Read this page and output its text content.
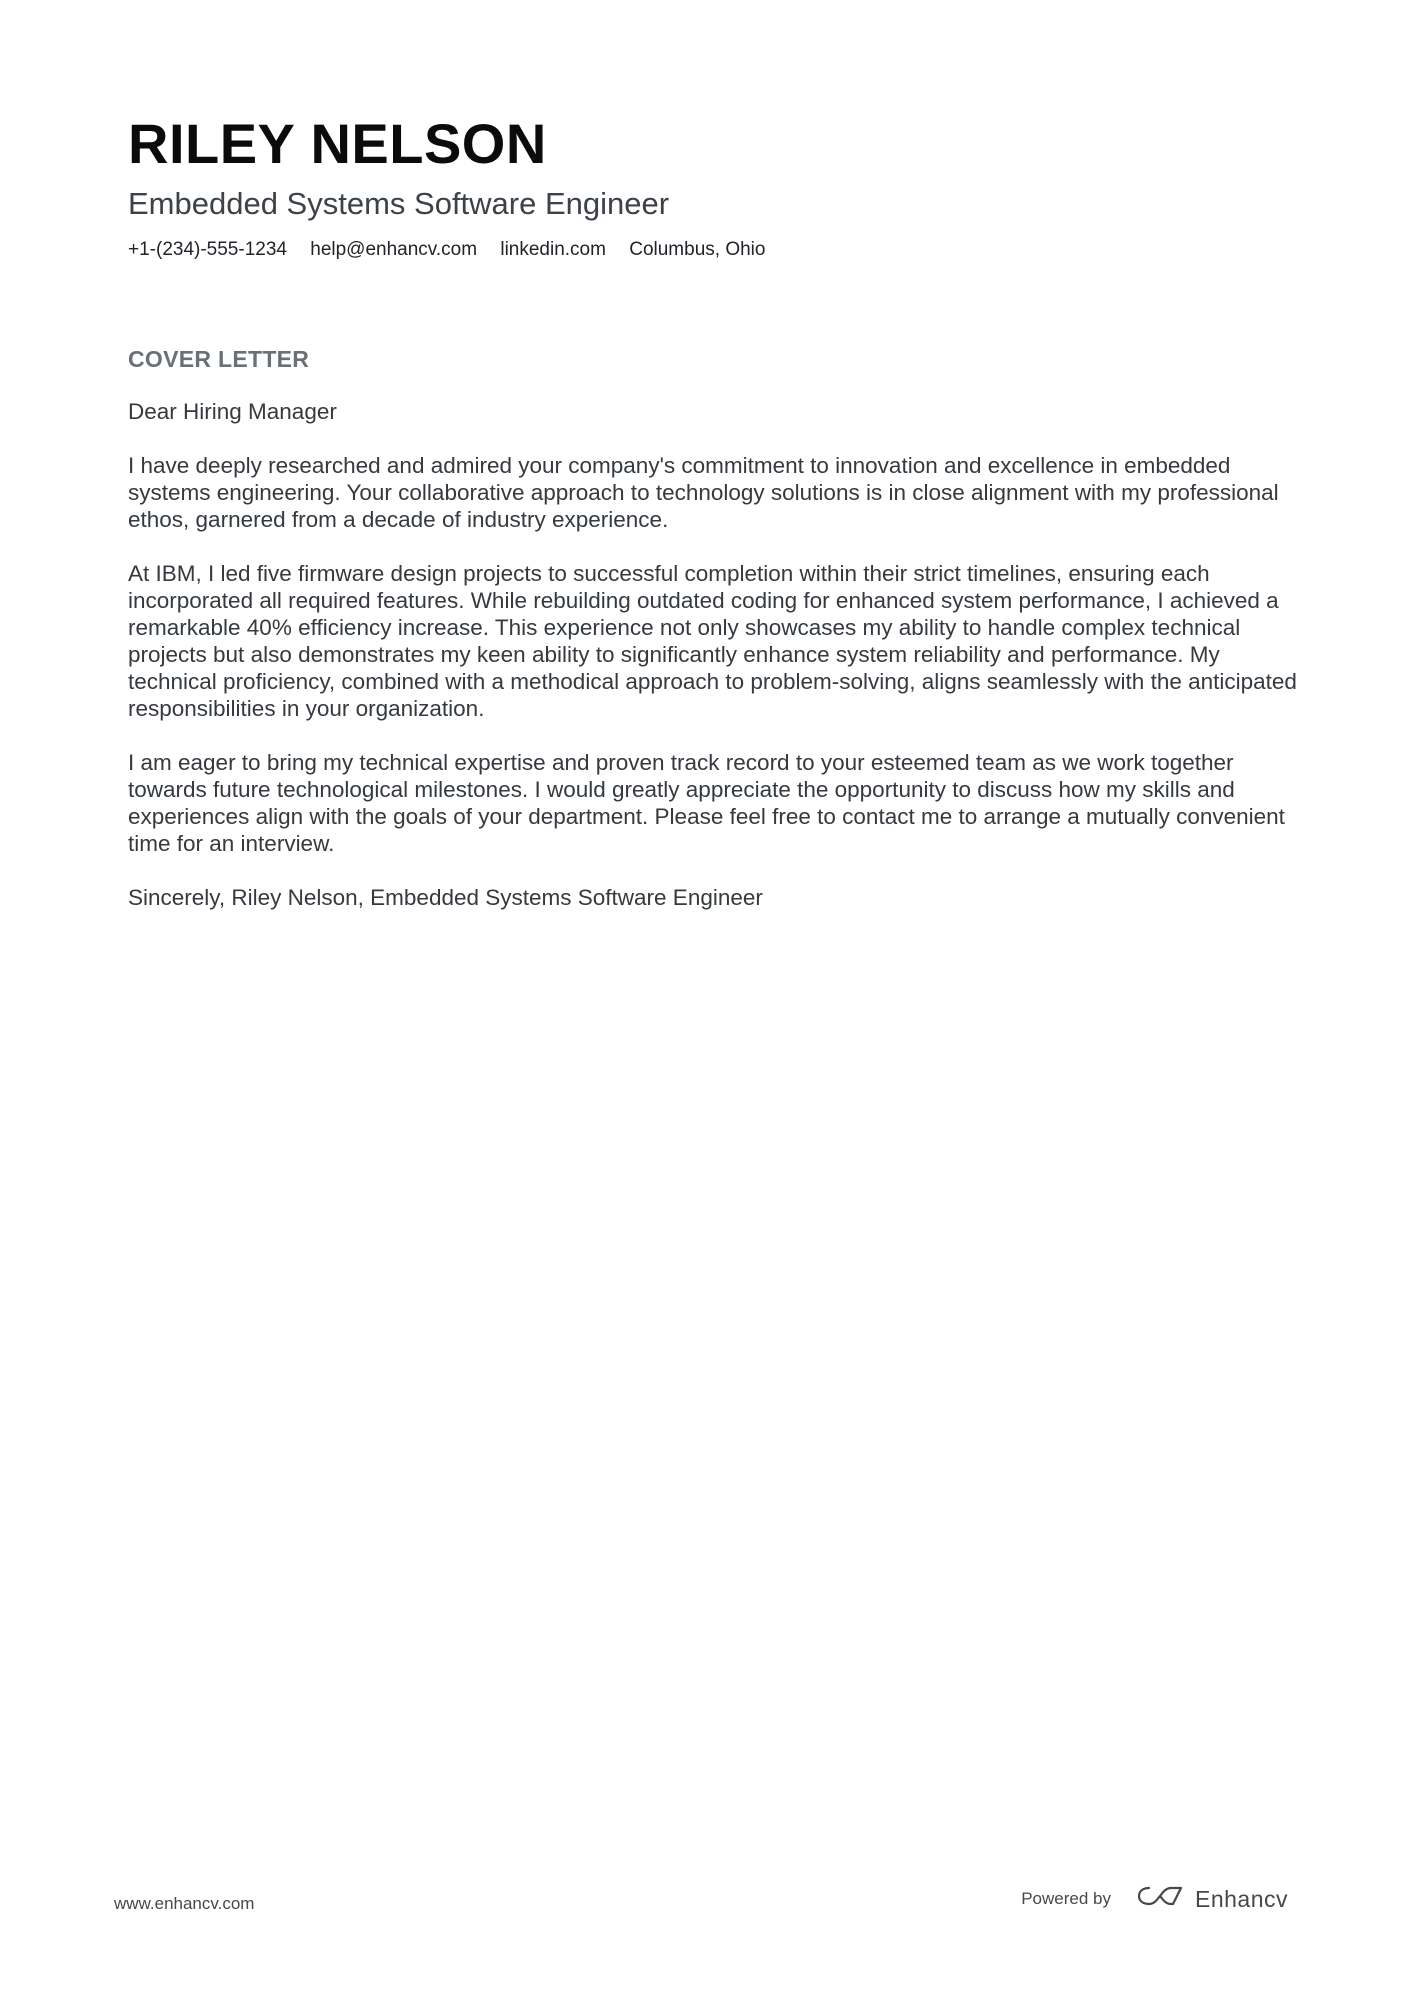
RILEY NELSON
Embedded Systems Software Engineer
+1-(234)-555-1234 help@enhancv.com linkedin.com Columbus, Ohio
COVER LETTER

Dear Hiring Manager

I have deeply researched and admired your company's commitment to innovation and excellence in embedded systems engineering. Your collaborative approach to technology solutions is in close alignment with my professional ethos, garnered from a decade of industry experience.

At IBM, I led five firmware design projects to successful completion within their strict timelines, ensuring each incorporated all required features. While rebuilding outdated coding for enhanced system performance, I achieved a remarkable 40% efficiency increase. This experience not only showcases my ability to handle complex technical projects but also demonstrates my keen ability to significantly enhance system reliability and performance. My technical proficiency, combined with a methodical approach to problem-solving, aligns seamlessly with the anticipated responsibilities in your organization.

I am eager to bring my technical expertise and proven track record to your esteemed team as we work together towards future technological milestones. I would greatly appreciate the opportunity to discuss how my skills and experiences align with the goals of your department. Please feel free to contact me to arrange a mutually convenient time for an interview.

Sincerely, Riley Nelson, Embedded Systems Software Engineer

www.enhancv.com	Powered by	Enhancv
